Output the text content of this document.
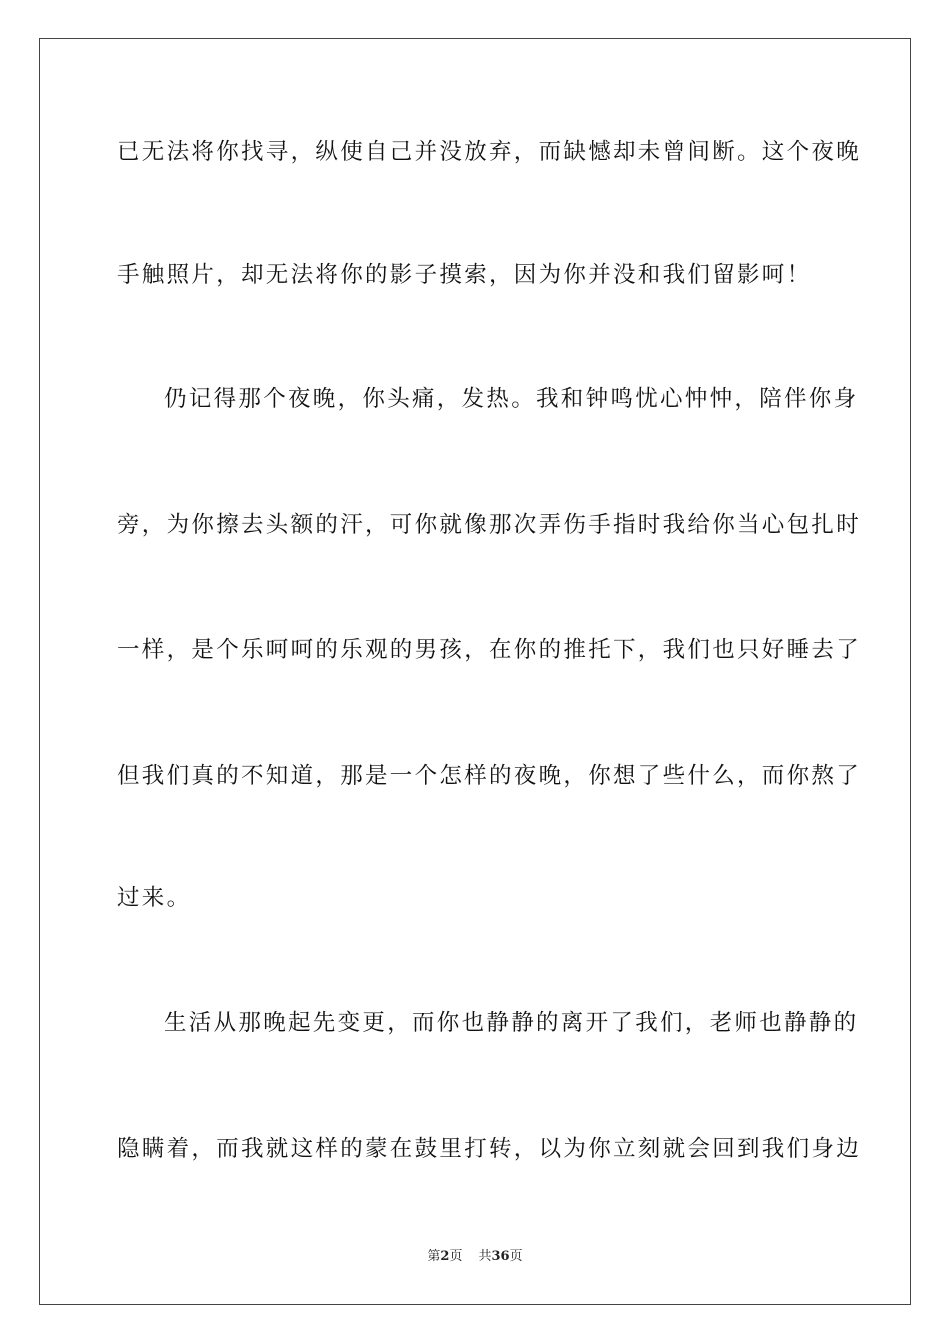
已无法将你找寻，纵使自己并没放弃，而缺憾却未曾间断。这个夜晚
手触照片，却无法将你的影子摸索，因为你并没和我们留影呵！
仍记得那个夜晚，你头痛，发热。我和钟鸣忧心忡忡，陪伴你身
旁，为你擦去头额的汗，可你就像那次弄伤手指时我给你当心包扎时
一样，是个乐呵呵的乐观的男孩，在你的推托下，我们也只好睡去了
但我们真的不知道，那是一个怎样的夜晚，你想了些什么，而你熬了
过来。
生活从那晚起先变更，而你也静静的离开了我们，老师也静静的
隐瞒着，而我就这样的蒙在鼓里打转，以为你立刻就会回到我们身边
第2页 共36页
